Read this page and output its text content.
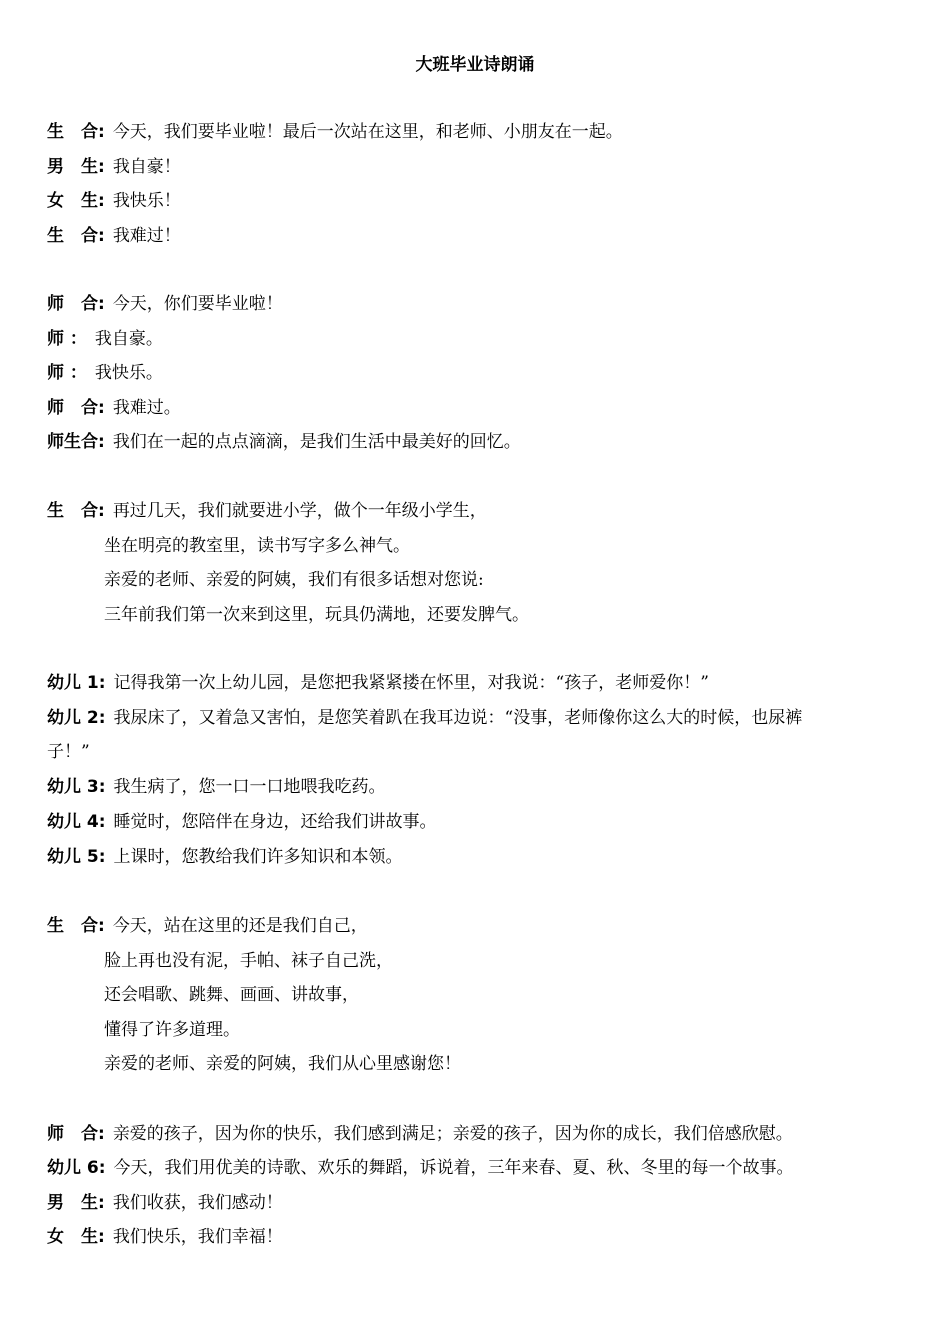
大班毕业诗朗诵
生　合: 今天，我们要毕业啦！最后一次站在这里，和老师、小朋友在一起。
男　生: 我自豪！
女　生: 我快乐！
生　合: 我难过！
师　合: 今天，你们要毕业啦！
师 ： 我自豪。
师 ： 我快乐。
师　合: 我难过。
师生合: 我们在一起的点点滴滴，是我们生活中最美好的回忆。
生　合: 再过几天，我们就要进小学，做个一年级小学生，
坐在明亮的教室里，读书写字多么神气。
亲爱的老师、亲爱的阿姨，我们有很多话想对您说:
三年前我们第一次来到这里，玩具仍满地，还要发脾气。
幼儿 1: 记得我第一次上幼儿园，是您把我紧紧搂在怀里，对我说：“孩子，老师爱你！”
幼儿 2: 我尿床了，又着急又害怕，是您笑着趴在我耳边说：“没事，老师像你这么大的时候，也尿裤
子！”
幼儿 3: 我生病了，您一口一口地喂我吃药。
幼儿 4: 睡觉时，您陪伴在身边，还给我们讲故事。
幼儿 5: 上课时，您教给我们许多知识和本领。
生　合: 今天，站在这里的还是我们自己，
脸上再也没有泥，手帕、袜子自己洗，
还会唱歌、跳舞、画画、讲故事，
懂得了许多道理。
亲爱的老师、亲爱的阿姨，我们从心里感谢您！
师　合: 亲爱的孩子，因为你的快乐，我们感到满足；亲爱的孩子，因为你的成长，我们倍感欣慰。
幼儿 6: 今天，我们用优美的诗歌、欢乐的舞蹈，诉说着，三年来春、夏、秋、冬里的每一个故事。
男　生: 我们收获，我们感动！
女　生: 我们快乐，我们幸福！
